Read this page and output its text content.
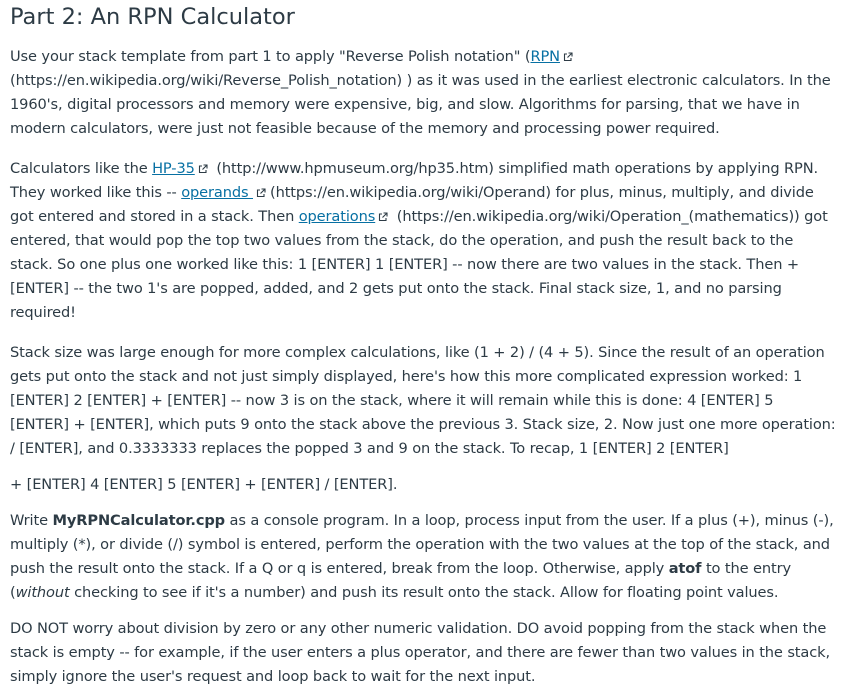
Part 2: An RPN Calculator

Use your stack template from part 1 to apply "Reverse Polish notation" (RPN
(https://en.wikipedia.org/wiki/Reverse_Polish_notation) ) as it was used in the earliest electronic calculators. In the 1960's, digital processors and memory were expensive, big, and slow. Algorithms for parsing, that we have in modern calculators, were just not feasible because of the memory and processing power required.

Calculators like the HP-35 (http://www.hpmuseum.org/hp35.htm) simplified math operations by applying RPN. They worked like this -- operands
(https://en.wikipedia.org/wiki/Operand) for plus, minus, multiply, and divide got entered and stored in a stack. Then operations (https://en.wikipedia.org/wiki/Operation_(mathematics)) got entered, that would pop the top two values from the stack, do the operation, and push the result back to the stack. So one plus one worked like this: 1 [ENTER] 1 [ENTER] -- now there are two values in the stack. Then + [ENTER] -- the two 1's are popped, added, and 2 gets put onto the stack. Final stack size, 1, and no parsing required!

Stack size was large enough for more complex calculations, like (1 + 2) / (4 + 5). Since the result of an operation gets put onto the stack and not just simply displayed, here's how this more complicated expression worked: 1 [ENTER] 2 [ENTER] + [ENTER] -- now 3 is on the stack, where it will remain while this is done: 4 [ENTER] 5 [ENTER] + [ENTER], which puts 9 onto the stack above the previous 3. Stack size, 2. Now just one more operation: / [ENTER], and 0.3333333 replaces the popped 3 and 9 on the stack. To recap, 1 [ENTER] 2 [ENTER]

+ [ENTER] 4 [ENTER] 5 [ENTER] + [ENTER] / [ENTER].

Write MyRPNCalculator.cpp as a console program. In a loop, process input from the user. If a plus (+), minus (-), multiply (*), or divide (/) symbol is entered, perform the operation with the two values at the top of the stack, and push the result onto the stack. If a Q or q is entered, break from the loop. Otherwise, apply atof to the entry (without checking to see if it's a number) and push its result onto the stack. Allow for floating point values.

DO NOT worry about division by zero or any other numeric validation. DO avoid popping from the stack when the stack is empty -- for example, if the user enters a plus operator, and there are fewer than two values in the stack, simply ignore the user's request and loop back to wait for the next input.
